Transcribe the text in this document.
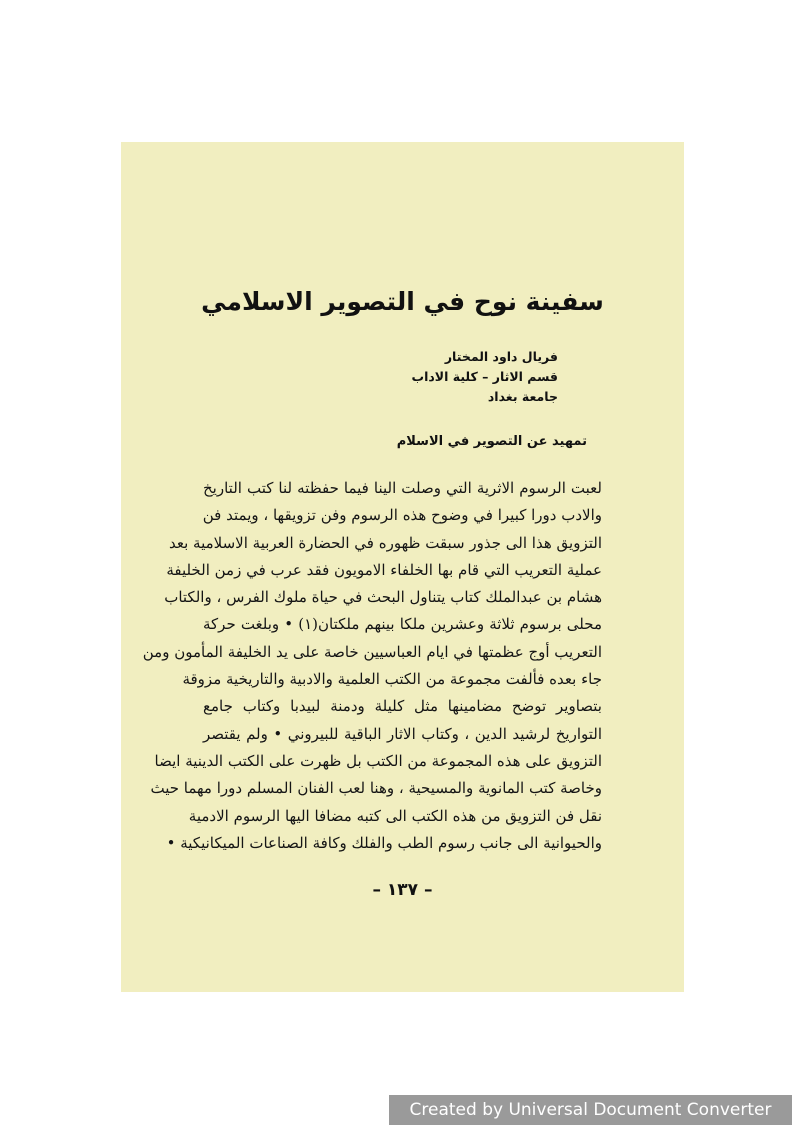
سفينة نوح في التصوير الاسلامي
فريال داود المختار
قسم الاثار – كلية الاداب
جامعة بغداد
تمهيد عن التصوير في الاسلام
لعبت الرسوم الاثرية التي وصلت الينا فيما حفظته لنا كتب التاريخ
والادب دورا كبيرا في وضوح هذه الرسوم وفن تزويقها ، ويمتد فن
التزويق هذا الى جذور سبقت ظهوره في الحضارة العربية الاسلامية بعد
عملية التعريب التي قام بها الخلفاء الامويون فقد عرب في زمن الخليفة
هشام بن عبدالملك كتاب يتناول البحث في حياة ملوك الفرس ، والكتاب
محلى برسوم ثلاثة وعشرين ملكا بينهم ملكتان(١) • وبلغت حركة
التعريب أوج عظمتها في ايام العباسيين خاصة على يد الخليفة المأمون ومن
جاء بعده فألفت مجموعة من الكتب العلمية والادبية والتاريخية مزوقة
بتصاوير توضح مضامينها مثل كليلة ودمنة لبيدبا وكتاب جامع
التواريخ لرشيد الدين ، وكتاب الاثار الباقية للبيروني • ولم يقتصر
التزويق على هذه المجموعة من الكتب بل ظهرت على الكتب الدينية ايضا
وخاصة كتب المانوية والمسيحية ، وهنا لعب الفنان المسلم دورا مهما حيث
نقل فن التزويق من هذه الكتب الى كتبه مضافا اليها الرسوم الادمية
والحيوانية الى جانب رسوم الطب والفلك وكافة الصناعات الميكانيكية •
– ١٣٧ –
Created by Universal Document Converter
